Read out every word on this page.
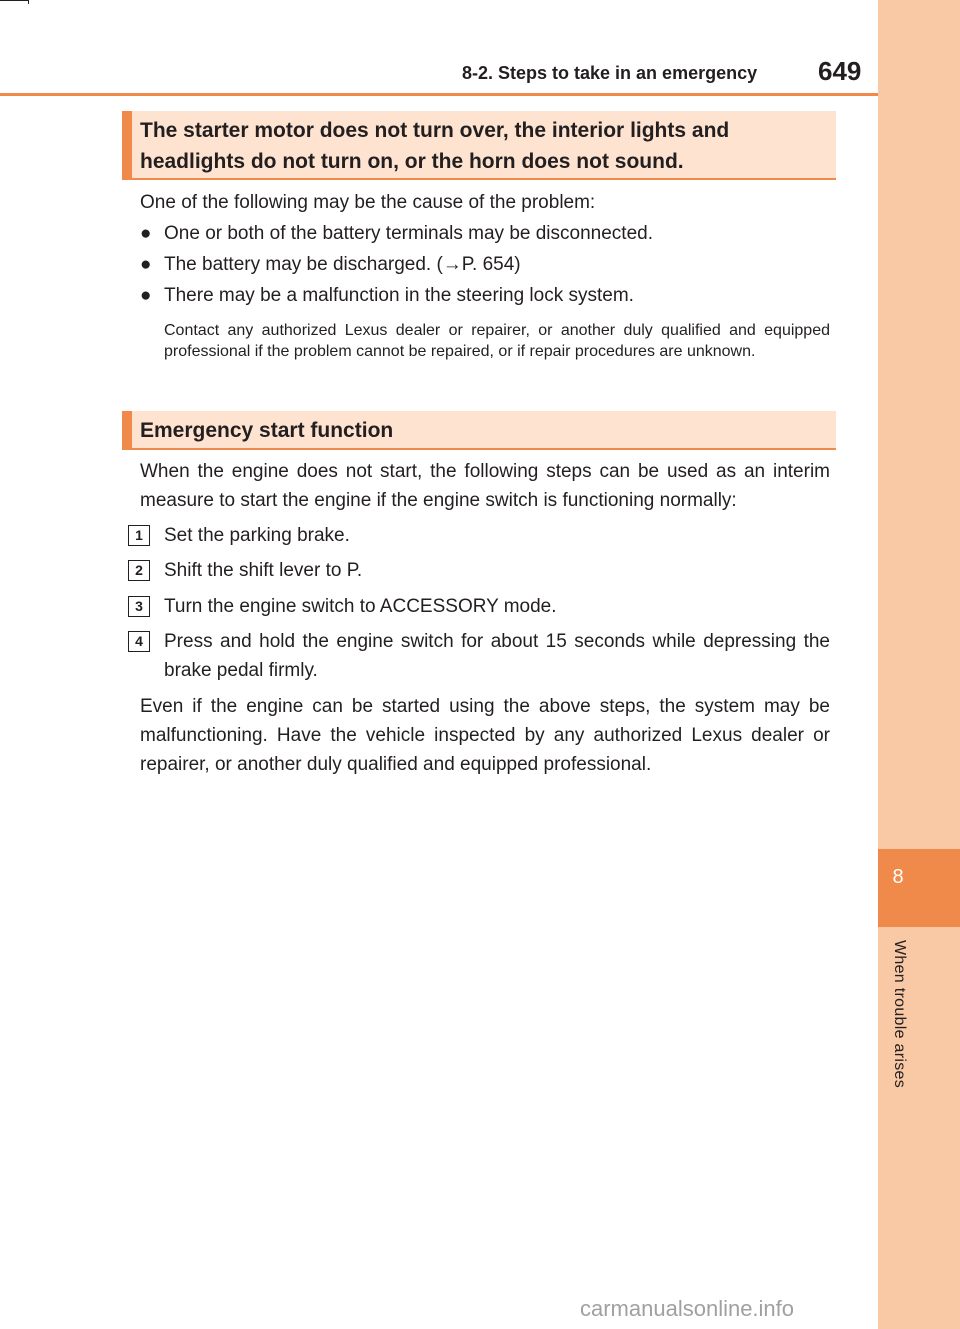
8
When trouble arises
8-2. Steps to take in an emergency 649
The starter motor does not turn over, the interior lights and headlights do not turn on, or the horn does not sound.
One of the following may be the cause of the problem:
● One or both of the battery terminals may be disconnected.
● The battery may be discharged. (→P. 654)
● There may be a malfunction in the steering lock system.
Contact any authorized Lexus dealer or repairer, or another duly qualified and equipped professional if the problem cannot be repaired, or if repair procedures are unknown.
Emergency start function
When the engine does not start, the following steps can be used as an interim measure to start the engine if the engine switch is functioning normally:
1	Set the parking brake.
2	Shift the shift lever to P.
3	Turn the engine switch to ACCESSORY mode.
4	Press and hold the engine switch for about 15 seconds while depressing the brake pedal firmly.
Even if the engine can be started using the above steps, the system may be malfunctioning. Have the vehicle inspected by any authorized Lexus dealer or repairer, or another duly qualified and equipped professional.
carmanualsonline.info
